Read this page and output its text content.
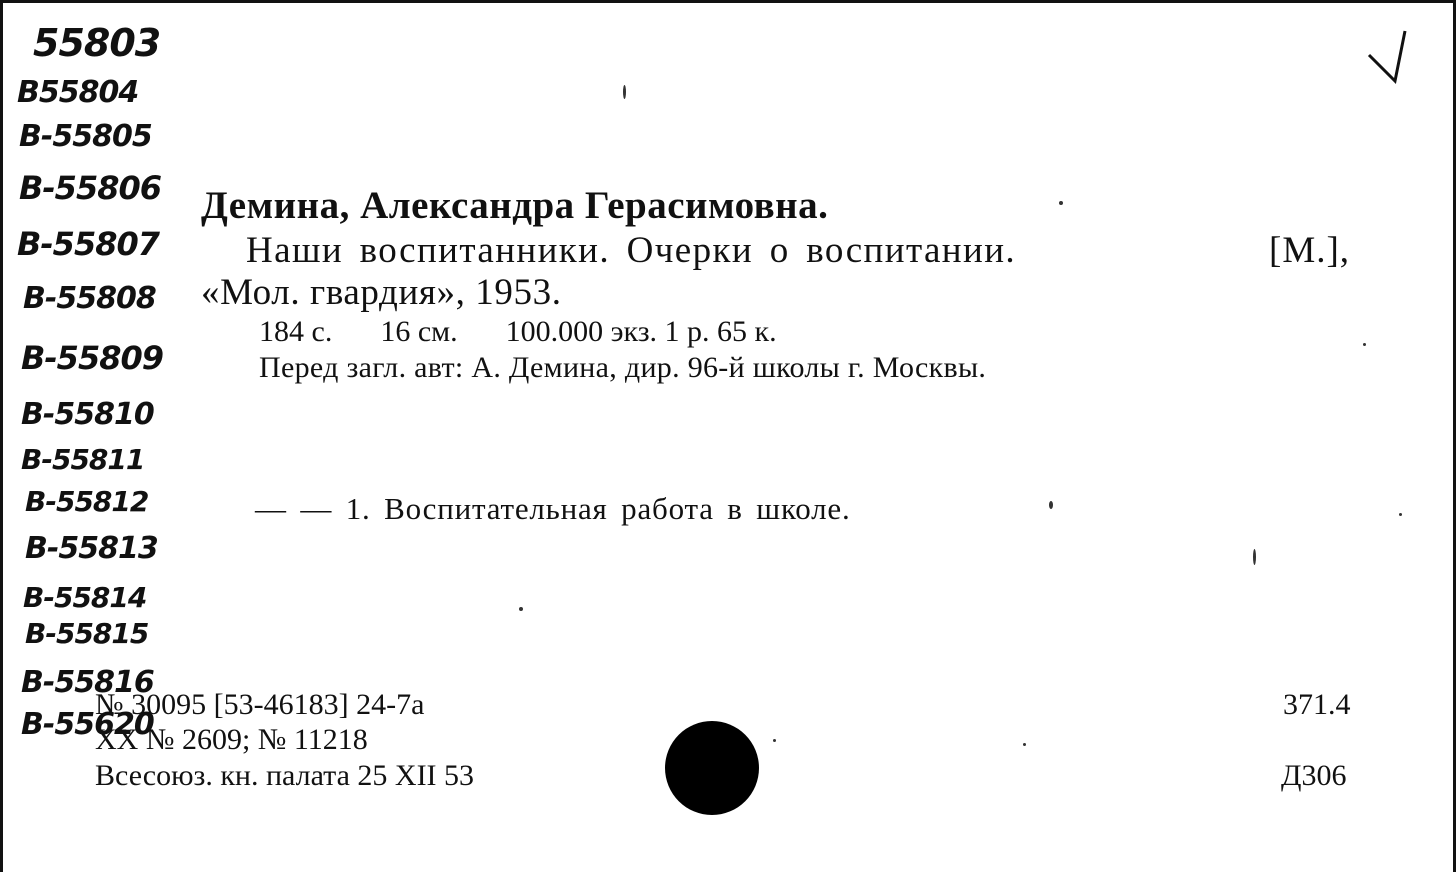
55803
B55804
B-55805
B-55806
B-55807
B-55808
B-55809
B-55810
B-55811
B-55812
B-55813
B-55814
B-55815
B-55816
B-55620
Демина, Александра Герасимовна.
Наши воспитанники. Очерки о воспитании.	[М.],
«Мол. гвардия», 1953.
184 с. 16 см. 100.000 экз. 1 р. 65 к.
Перед загл. авт: А. Демина, дир. 96-й школы г. Москвы.
— — 1. Воспитательная работа в школе.
№ 30095 [53-46183] 24-7а
XX № 2609; № 11218
Всесоюз. кн. палата 25 XII 53
371.4
Д306
